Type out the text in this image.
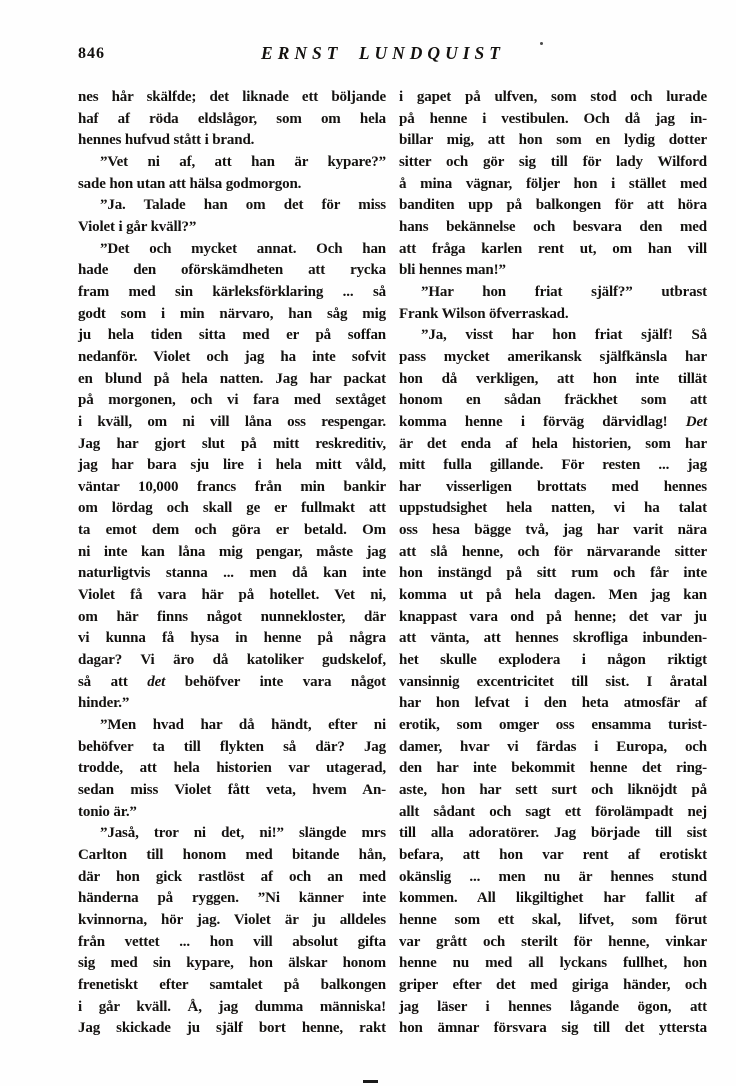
846	ERNST LUNDQUIST
nes hår skälfde; det liknade ett böljande
haf af röda eldslågor, som om hela
hennes hufvud stått i brand.
”Vet ni af, att han är kypare?”
sade hon utan att hälsa godmorgon.
”Ja. Talade han om det för miss
Violet i går kväll?”
”Det och mycket annat. Och han
hade den oförskämdheten att rycka
fram med sin kärleksförklaring ... så
godt som i min närvaro, han såg mig
ju hela tiden sitta med er på soffan
nedanför. Violet och jag ha inte sofvit
en blund på hela natten. Jag har packat
på morgonen, och vi fara med sextåget
i kväll, om ni vill låna oss respengar.
Jag har gjort slut på mitt reskreditiv,
jag har bara sju lire i hela mitt våld,
väntar 10,000 francs från min bankir
om lördag och skall ge er fullmakt att
ta emot dem och göra er betald. Om
ni inte kan låna mig pengar, måste jag
naturligtvis stanna ... men då kan inte
Violet få vara här på hotellet. Vet ni,
om här finns något nunnekloster, där
vi kunna få hysa in henne på några
dagar? Vi äro då katoliker gudskelof,
så att det behöfver inte vara något
hinder.”
”Men hvad har då händt, efter ni
behöfver ta till flykten så där? Jag
trodde, att hela historien var utagerad,
sedan miss Violet fått veta, hvem An-
tonio är.”
”Jaså, tror ni det, ni!” slängde mrs
Carlton till honom med bitande hån,
där hon gick rastlöst af och an med
händerna på ryggen. ”Ni känner inte
kvinnorna, hör jag. Violet är ju alldeles
från vettet ... hon vill absolut gifta
sig med sin kypare, hon älskar honom
frenetiskt efter samtalet på balkongen
i går kväll. Å, jag dumma människa!
Jag skickade ju själf bort henne, rakt
i gapet på ulfven, som stod och lurade
på henne i vestibulen. Och då jag in-
billar mig, att hon som en lydig dotter
sitter och gör sig till för lady Wilford
å mina vägnar, följer hon i stället med
banditen upp på balkongen för att höra
hans bekännelse och besvara den med
att fråga karlen rent ut, om han vill
bli hennes man!”
”Har hon friat själf?” utbrast
Frank Wilson öfverraskad.
”Ja, visst har hon friat själf! Så
pass mycket amerikansk själfkänsla har
hon då verkligen, att hon inte tillät
honom en sådan fräckhet som att
komma henne i förväg därvidlag! Det
är det enda af hela historien, som har
mitt fulla gillande. För resten ... jag
har visserligen brottats med hennes
uppstudsighet hela natten, vi ha talat
oss hesa bägge två, jag har varit nära
att slå henne, och för närvarande sitter
hon instängd på sitt rum och får inte
komma ut på hela dagen. Men jag kan
knappast vara ond på henne; det var ju
att vänta, att hennes skrofliga inbunden-
het skulle explodera i någon riktigt
vansinnig excentricitet till sist. I åratal
har hon lefvat i den heta atmosfär af
erotik, som omger oss ensamma turist-
damer, hvar vi färdas i Europa, och
den har inte bekommit henne det ring-
aste, hon har sett surt och liknöjdt på
allt sådant och sagt ett förolämpadt nej
till alla adoratörer. Jag började till sist
befara, att hon var rent af erotiskt
okänslig ... men nu är hennes stund
kommen. All likgiltighet har fallit af
henne som ett skal, lifvet, som förut
var grått och sterilt för henne, vinkar
henne nu med all lyckans fullhet, hon
griper efter det med giriga händer, och
jag läser i hennes lågande ögon, att
hon ämnar försvara sig till det yttersta
